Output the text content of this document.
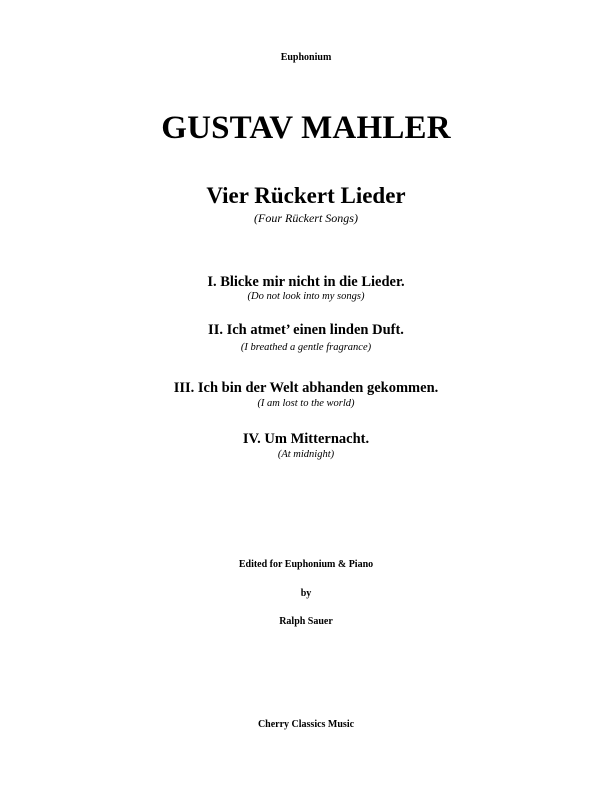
Euphonium

GUSTAV MAHLER
Vier Rückert Lieder

(Four Rückert Songs)

I. Blicke mir nicht in die Lieder.

(Do not look into my songs)

II. Ich atmet’ einen linden Duft.

(I breathed a gentle fragrance)

III. Ich bin der Welt abhanden gekommen.

(I am lost to the world)

IV. Um Mitternacht.

(At midnight)

Edited for Euphonium & Piano

by

Ralph Sauer

Cherry Classics Music
